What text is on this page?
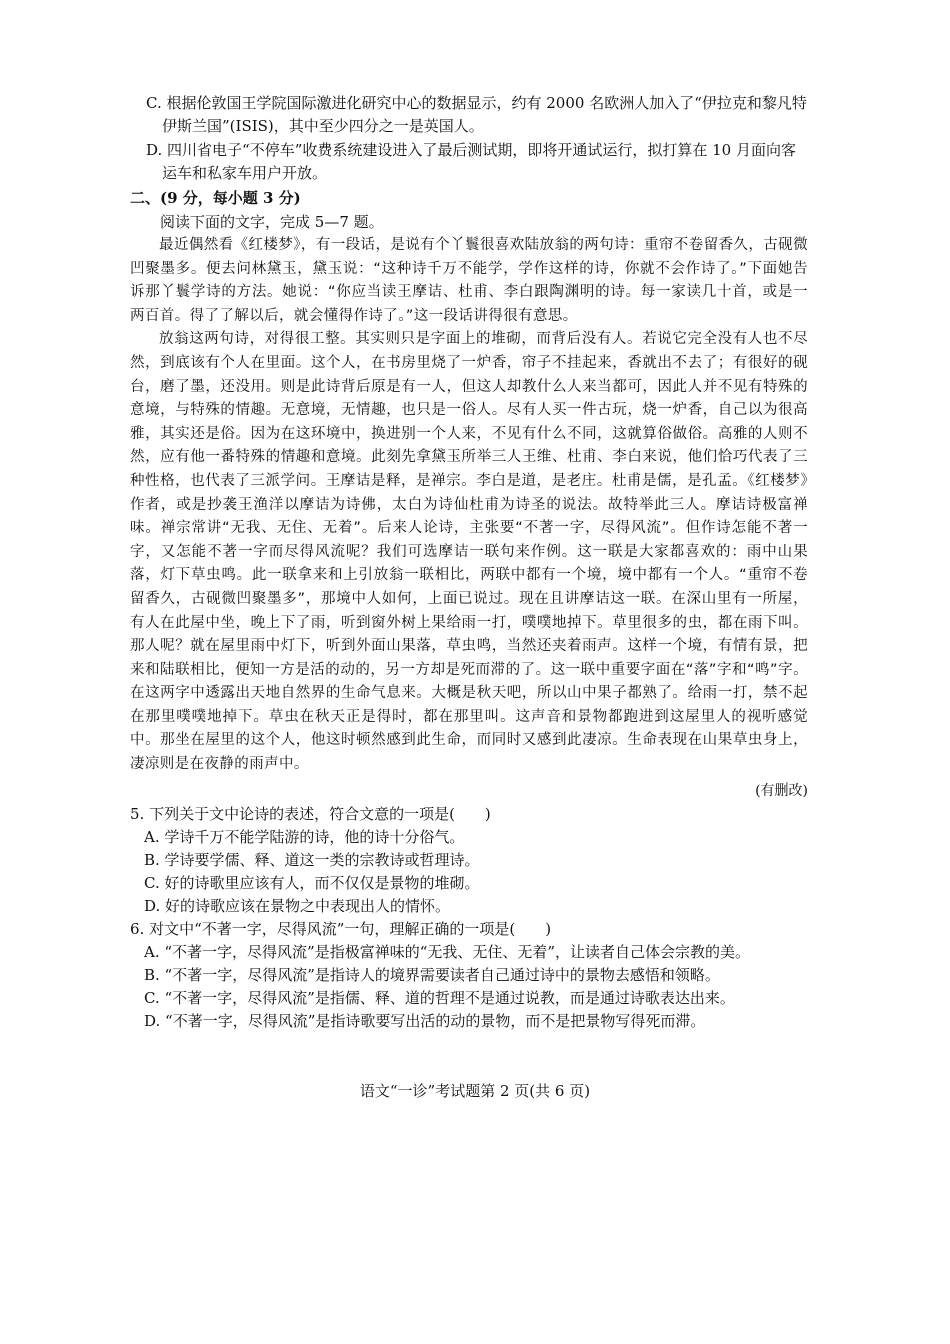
C. 根据伦敦国王学院国际激进化研究中心的数据显示，约有 2000 名欧洲人加入了“伊拉克和黎凡特伊斯兰国”(ISIS)，其中至少四分之一是英国人。

D. 四川省电子“不停车”收费系统建设进入了最后测试期，即将开通试运行，拟打算在 10 月面向客运车和私家车用户开放。

二、(9 分，每小题 3 分)

阅读下面的文字，完成 5—7 题。

最近偶然看《红楼梦》，有一段话，是说有个丫鬟很喜欢陆放翁的两句诗：重帘不卷留香久，古砚微凹聚墨多。便去问林黛玉，黛玉说：“这种诗千万不能学，学作这样的诗，你就不会作诗了。”下面她告诉那丫鬟学诗的方法。她说：“你应当读王摩诘、杜甫、李白跟陶渊明的诗。每一家读几十首，或是一两百首。得了了解以后，就会懂得作诗了。”这一段话讲得很有意思。

放翁这两句诗，对得很工整。其实则只是字面上的堆砌，而背后没有人。若说它完全没有人也不尽然，到底该有个人在里面。这个人，在书房里烧了一炉香，帘子不挂起来，香就出不去了；有很好的砚台，磨了墨，还没用。则是此诗背后原是有一人，但这人却教什么人来当都可，因此人并不见有特殊的意境，与特殊的情趣。无意境，无情趣，也只是一俗人。尽有人买一件古玩，烧一炉香，自己以为很高雅，其实还是俗。因为在这环境中，换进别一个人来，不见有什么不同，这就算俗做俗。高雅的人则不然，应有他一番特殊的情趣和意境。此刻先拿黛玉所举三人王维、杜甫、李白来说，他们恰巧代表了三种性格，也代表了三派学问。王摩诘是释，是禅宗。李白是道，是老庄。杜甫是儒，是孔孟。《红楼梦》作者，或是抄袭王渔洋以摩诘为诗佛，太白为诗仙杜甫为诗圣的说法。故特举此三人。摩诘诗极富禅味。禅宗常讲“无我、无住、无着”。后来人论诗，主张要“不著一字，尽得风流”。但作诗怎能不著一字，又怎能不著一字而尽得风流呢？我们可选摩诘一联句来作例。这一联是大家都喜欢的：雨中山果落，灯下草虫鸣。此一联拿来和上引放翁一联相比，两联中都有一个境，境中都有一个人。“重帘不卷留香久，古砚微凹聚墨多”，那境中人如何，上面已说过。现在且讲摩诘这一联。在深山里有一所屋，有人在此屋中坐，晚上下了雨，听到窗外树上果给雨一打，噗噗地掉下。草里很多的虫，都在雨下叫。那人呢？就在屋里雨中灯下，听到外面山果落，草虫鸣，当然还夹着雨声。这样一个境，有情有景，把来和陆联相比，便知一方是活的动的，另一方却是死而滞的了。这一联中重要字面在“落”字和“鸣”字。在这两字中透露出天地自然界的生命气息来。大概是秋天吧，所以山中果子都熟了。给雨一打，禁不起在那里噗噗地掉下。草虫在秋天正是得时，都在那里叫。这声音和景物都跑进到这屋里人的视听感觉中。那坐在屋里的这个人，他这时顿然感到此生命，而同时又感到此凄凉。生命表现在山果草虫身上，凄凉则是在夜静的雨声中。

(有删改)

5. 下列关于文中论诗的表述，符合文意的一项是(　　)

A. 学诗千万不能学陆游的诗，他的诗十分俗气。

B. 学诗要学儒、释、道这一类的宗教诗或哲理诗。

C. 好的诗歌里应该有人，而不仅仅是景物的堆砌。

D. 好的诗歌应该在景物之中表现出人的情怀。

6. 对文中“不著一字，尽得风流”一句，理解正确的一项是(　　)

A. “不著一字，尽得风流”是指极富禅味的“无我、无住、无着”，让读者自己体会宗教的美。

B. “不著一字，尽得风流”是指诗人的境界需要读者自己通过诗中的景物去感悟和领略。

C. “不著一字，尽得风流”是指儒、释、道的哲理不是通过说教，而是通过诗歌表达出来。

D. “不著一字，尽得风流”是指诗歌要写出活的动的景物，而不是把景物写得死而滞。

语文“一诊”考试题第 2 页(共 6 页)
